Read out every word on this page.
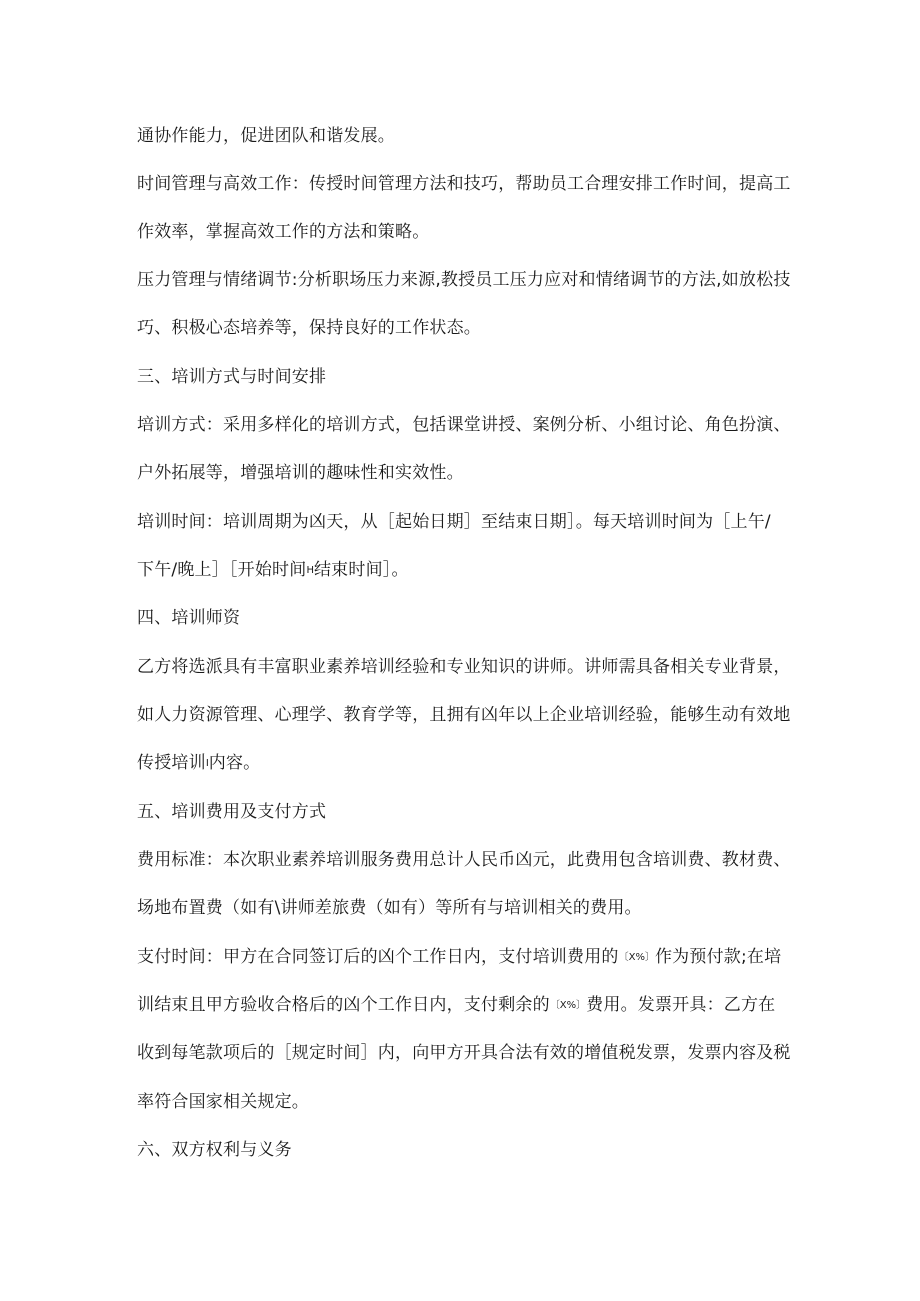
通协作能力，促进团队和谐发展。
时间管理与高效工作：传授时间管理方法和技巧，帮助员工合理安排工作时间，提高工
作效率，掌握高效工作的方法和策略。
压力管理与情绪调节:分析职场压力来源,教授员工压力应对和情绪调节的方法,如放松技
巧、积极心态培养等，保持良好的工作状态。
三、培训方式与时间安排
培训方式：采用多样化的培训方式，包括课堂讲授、案例分析、小组讨论、角色扮演、
户外拓展等，增强培训的趣味性和实效性。
培训时间：培训周期为凶天，从［起始日期］至结束日期］。每天培训时间为［上午/
下午/晚上］［开始时间H结束时间］。
四、培训师资
乙方将选派具有丰富职业素养培训经验和专业知识的讲师。讲师需具备相关专业背景，
如人力资源管理、心理学、教育学等，且拥有凶年以上企业培训经验，能够生动有效地
传授培训I内容。
五、培训费用及支付方式
费用标准：本次职业素养培训服务费用总计人民币凶元，此费用包含培训费、教材费、
场地布置费（如有\讲师差旅费（如有）等所有与培训相关的费用。
支付时间：甲方在合同签订后的凶个工作日内，支付培训费用的〔X%〕作为预付款;在培
训结束且甲方验收合格后的凶个工作日内，支付剩余的〔X%〕费用。发票开具：乙方在
收到每笔款项后的［规定时间］内，向甲方开具合法有效的增值税发票，发票内容及税
率符合国家相关规定。
六、双方权利与义务
